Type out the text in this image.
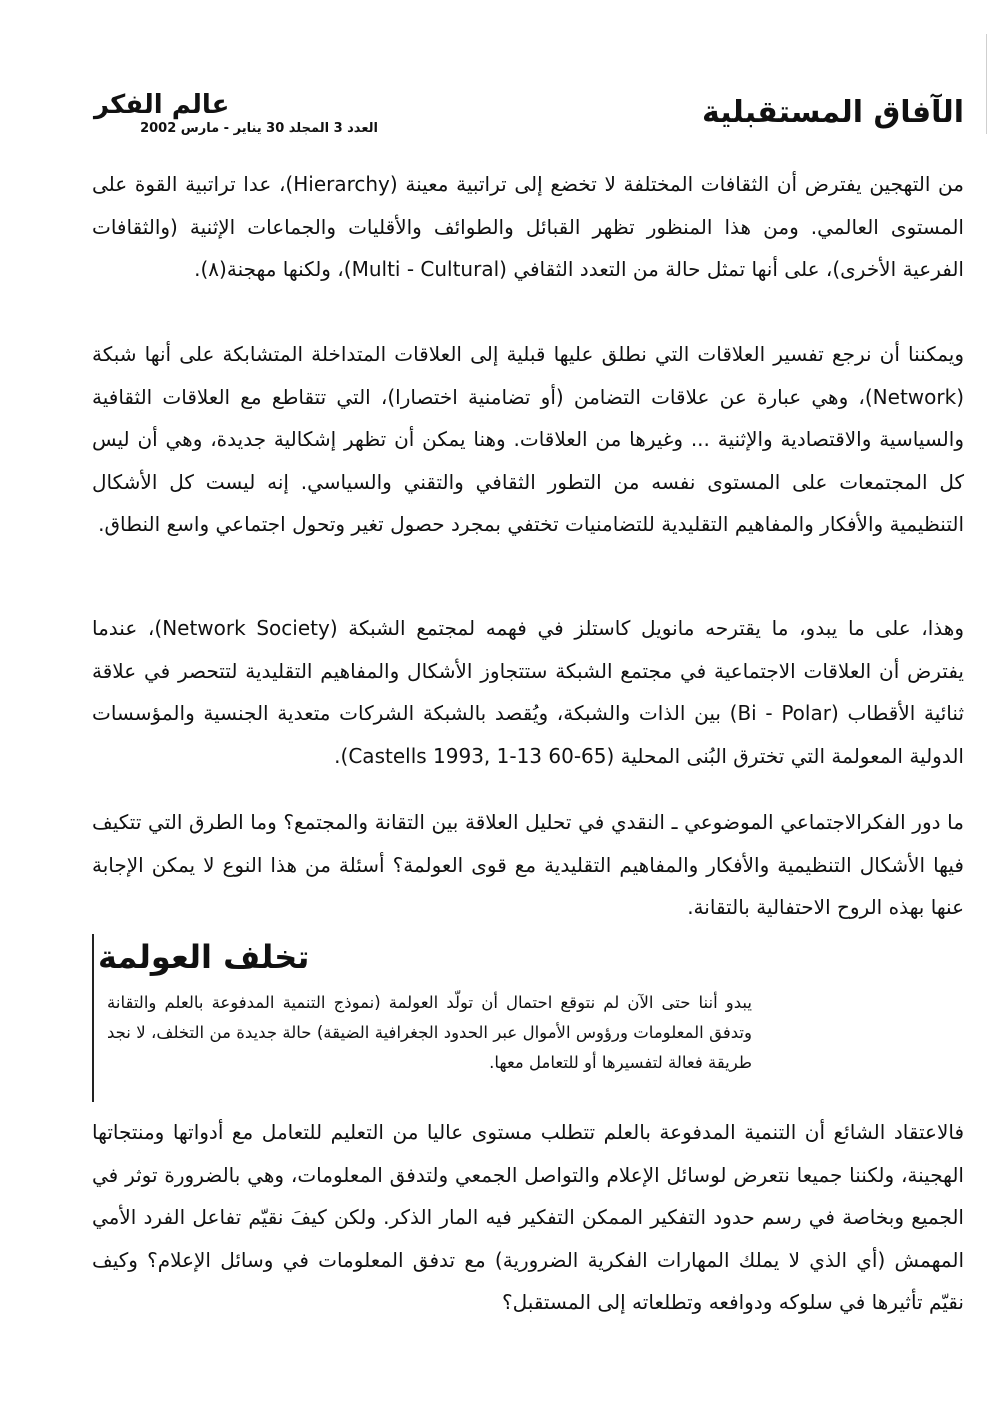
الآفاق المستقبلية
عالم الفكر
العدد 3 المجلد 30 يناير - مارس 2002

من التهجين يفترض أن الثقافات المختلفة لا تخضع إلى تراتبية معينة (Hierarchy)، عدا تراتبية القوة على المستوى العالمي. ومن هذا المنظور تظهر القبائل والطوائف والأقليات والجماعات الإثنية (والثقافات الفرعية الأخرى)، على أنها تمثل حالة من التعدد الثقافي (Multi - Cultural)، ولكنها مهجنة(٨).

ويمكننا أن نرجع تفسير العلاقات التي نطلق عليها قبلية إلى العلاقات المتداخلة المتشابكة على أنها شبكة (Network)، وهي عبارة عن علاقات التضامن (أو تضامنية اختصارا)، التي تتقاطع مع العلاقات الثقافية والسياسية والاقتصادية والإثنية ... وغيرها من العلاقات. وهنا يمكن أن تظهر إشكالية جديدة، وهي أن ليس كل المجتمعات على المستوى نفسه من التطور الثقافي والتقني والسياسي. إنه ليست كل الأشكال التنظيمية والأفكار والمفاهيم التقليدية للتضامنيات تختفي بمجرد حصول تغير وتحول اجتماعي واسع النطاق.

وهذا، على ما يبدو، ما يقترحه مانويل كاستلز في فهمه لمجتمع الشبكة (Network Society)، عندما يفترض أن العلاقات الاجتماعية في مجتمع الشبكة ستتجاوز الأشكال والمفاهيم التقليدية لتتحصر في علاقة ثنائية الأقطاب (Bi - Polar) بين الذات والشبكة، ويُقصد بالشبكة الشركات متعدية الجنسية والمؤسسات الدولية المعولمة التي تخترق البُنى المحلية (Castells 1993, 1-13 60-65).

ما دور الفكرالاجتماعي الموضوعي ـ النقدي في تحليل العلاقة بين التقانة والمجتمع؟ وما الطرق التي تتكيف فيها الأشكال التنظيمية والأفكار والمفاهيم التقليدية مع قوى العولمة؟ أسئلة من هذا النوع لا يمكن الإجابة عنها بهذه الروح الاحتفالية بالتقانة.

تخلف العولمة
يبدو أننا حتى الآن لم نتوقع احتمال أن تولّد العولمة (نموذج التنمية المدفوعة بالعلم والتقانة وتدفق المعلومات ورؤوس الأموال عبر الحدود الجغرافية الضيقة) حالة جديدة من التخلف، لا نجد طريقة فعالة لتفسيرها أو للتعامل معها.

فالاعتقاد الشائع أن التنمية المدفوعة بالعلم تتطلب مستوى عاليا من التعليم للتعامل مع أدواتها ومنتجاتها الهجينة، ولكننا جميعا نتعرض لوسائل الإعلام والتواصل الجمعي ولتدفق المعلومات، وهي بالضرورة توثر في الجميع وبخاصة في رسم حدود التفكير الممكن التفكير فيه المار الذكر. ولكن كيفَ نقيّم تفاعل الفرد الأمي المهمش (أي الذي لا يملك المهارات الفكرية الضرورية) مع تدفق المعلومات في وسائل الإعلام؟ وكيف نقيّم تأثيرها في سلوكه ودوافعه وتطلعاته إلى المستقبل؟
